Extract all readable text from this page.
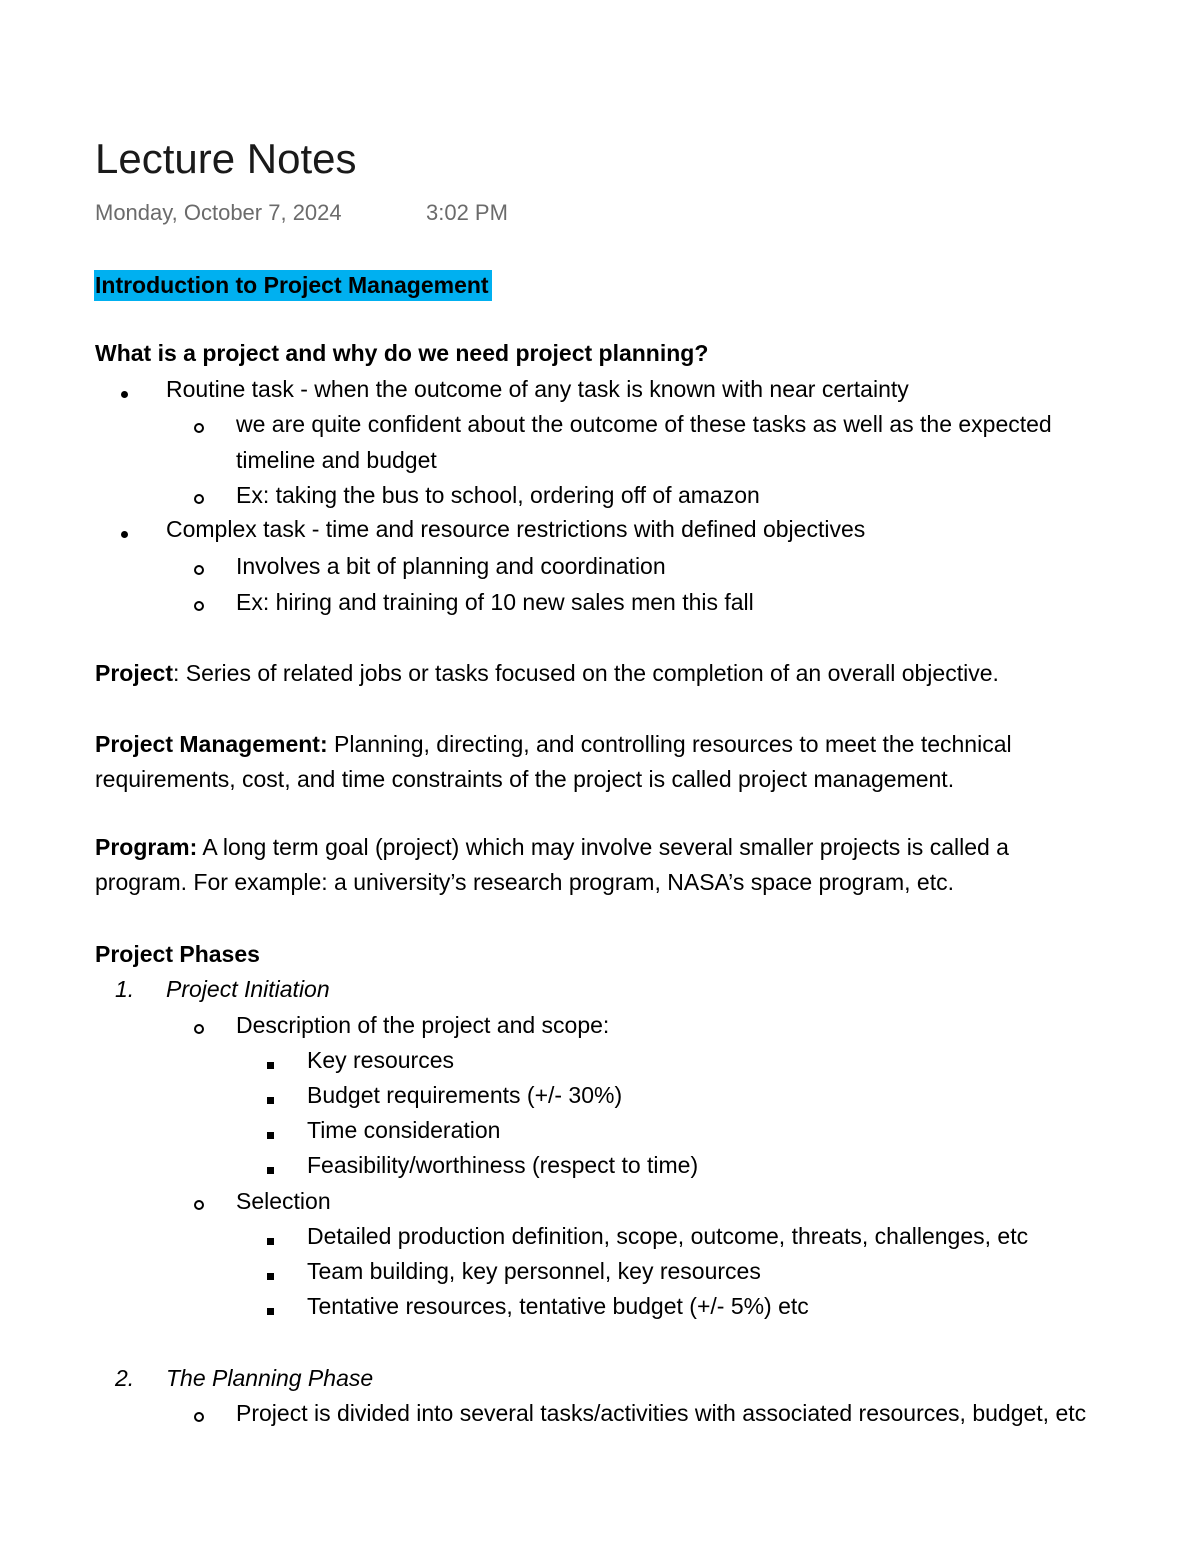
Lecture Notes
Monday, October 7, 2024	3:02 PM
Introduction to Project Management
What is a project and why do we need project planning?
Routine task - when the outcome of any task is known with near certainty
we are quite confident about the outcome of these tasks as well as the expected
timeline and budget
Ex: taking the bus to school, ordering off of amazon
Complex task - time and resource restrictions with defined objectives
Involves a bit of planning and coordination
Ex: hiring and training of 10 new sales men this fall
Project: Series of related jobs or tasks focused on the completion of an overall objective.
Project Management: Planning, directing, and controlling resources to meet the technical
requirements, cost, and time constraints of the project is called project management.
Program: A long term goal (project) which may involve several smaller projects is called a
program. For example: a university’s research program, NASA’s space program, etc.
Project Phases
1. Project Initiation
Description of the project and scope:
Key resources
Budget requirements (+/- 30%)
Time consideration
Feasibility/worthiness (respect to time)
Selection
Detailed production definition, scope, outcome, threats, challenges, etc
Team building, key personnel, key resources
Tentative resources, tentative budget (+/- 5%) etc
2. The Planning Phase
Project is divided into several tasks/activities with associated resources, budget, etc
